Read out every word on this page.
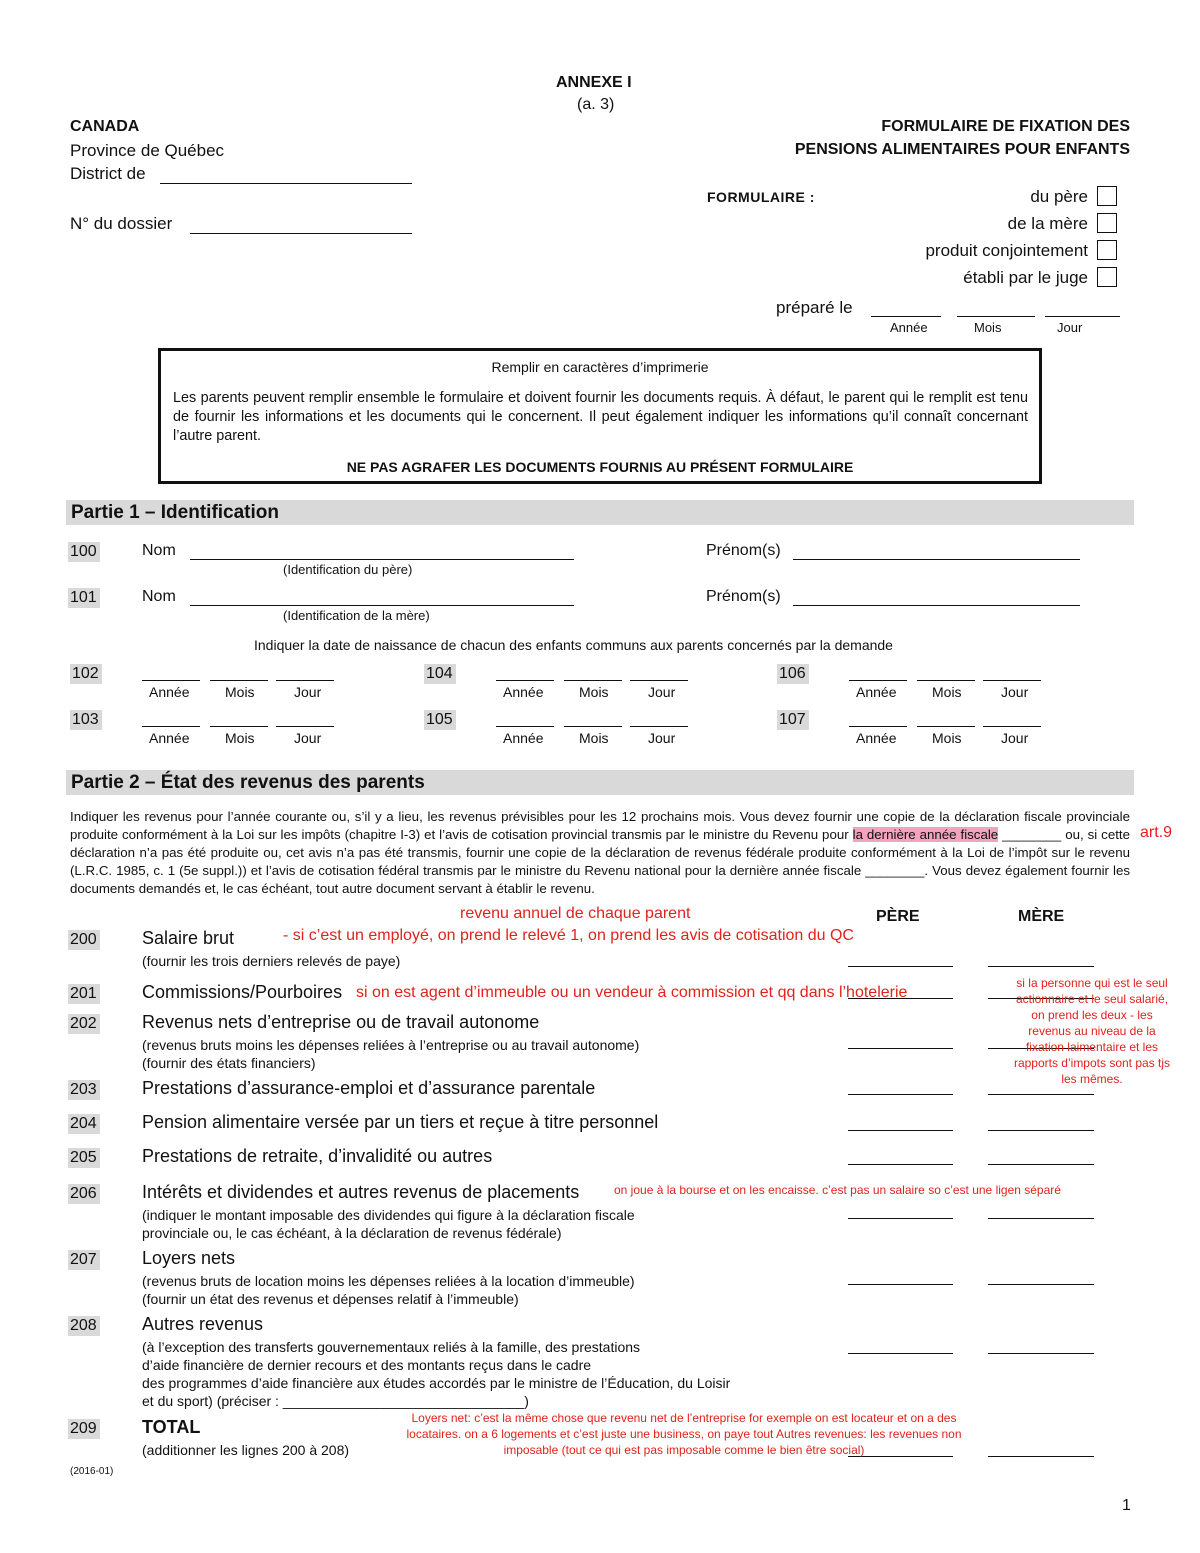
ANNEXE I
(a. 3)
CANADA
Province de Québec
District de
N° du dossier
FORMULAIRE DE FIXATION DES
PENSIONS ALIMENTAIRES POUR ENFANTS
FORMULAIRE :	du père
de la mère
produit conjointement
établi par le juge
préparé le
Année	Mois	Jour
Remplir en caractères d’imprimerie
Les parents peuvent remplir ensemble le formulaire et doivent fournir les documents requis. À défaut, le parent qui le remplit est tenu de fournir les informations et les documents qui le concernent. Il peut également indiquer les informations qu’il connaît concernant l’autre parent.
NE PAS AGRAFER LES DOCUMENTS FOURNIS AU PRÉSENT FORMULAIRE
Partie 1 – Identification
100	Nom
(Identification du père)
Prénom(s)
101	Nom
(Identification de la mère)
Prénom(s)
Indiquer la date de naissance de chacun des enfants communs aux parents concernés par la demande
102
Année	Mois	Jour
104
Année	Mois	Jour
106
Année	Mois	Jour
103
Année	Mois	Jour
105
Année	Mois	Jour
107
Année	Mois	Jour
Partie 2 – État des revenus des parents
Indiquer les revenus pour l’année courante ou, s’il y a lieu, les revenus prévisibles pour les 12 prochains mois. Vous devez fournir une copie de la déclaration fiscale provinciale produite conformément à la Loi sur les impôts (chapitre I-3) et l’avis de cotisation provincial transmis par le ministre du Revenu pour la dernière année fiscale ________ ou, si cette déclaration n’a pas été produite ou, cet avis n’a pas été transmis, fournir une copie de la déclaration de revenus fédérale produite conformément à la Loi de l’impôt sur le revenu (L.R.C. 1985, c. 1 (5e suppl.)) et l’avis de cotisation fédéral transmis par le ministre du Revenu national pour la dernière année fiscale ________. Vous devez également fournir les documents demandés et, le cas échéant, tout autre document servant à établir le revenu.
PÈRE	MÈRE
200	Salaire brut
(fournir les trois derniers relevés de paye)
201	Commissions/Pourboires
202	Revenus nets d’entreprise ou de travail autonome
(revenus bruts moins les dépenses reliées à l’entreprise ou au travail autonome)
(fournir des états financiers)
203	Prestations d’assurance-emploi et d’assurance parentale
204	Pension alimentaire versée par un tiers et reçue à titre personnel
205	Prestations de retraite, d’invalidité ou autres
206	Intérêts et dividendes et autres revenus de placements
(indiquer le montant imposable des dividendes qui figure à la déclaration fiscale
provinciale ou, le cas échéant, à la déclaration de revenus fédérale)
207	Loyers nets
(revenus bruts de location moins les dépenses reliées à la location d’immeuble)
(fournir un état des revenus et dépenses relatif à l’immeuble)
208	Autres revenus
(à l’exception des transferts gouvernementaux reliés à la famille, des prestations
d’aide financière de dernier recours et des montants reçus dans le cadre
des programmes d’aide financière aux études accordés par le ministre de l’Éducation, du Loisir
et du sport) (préciser : _______________________________)
209	TOTAL
(additionner les lignes 200 à 208)
art.9
revenu annuel de chaque parent
- si c’est un employé, on prend le relevé 1, on prend les avis de cotisation du QC
si on est agent d’immeuble ou un vendeur à commission et qq dans l’hotelerie
si la personne qui est le seul actionnaire et le seul salarié, on prend les deux - les revenus au niveau de la fixation laimentaire et les rapports d’impots sont pas tjs les mêmes.
on joue à la bourse et on les encaisse. c’est pas un salaire so c’est une ligen séparé
Loyers net: c’est la même chose que revenu net de l’entreprise for exemple on est locateur et on a des locataires. on a 6 logements et c’est juste une business, on paye tout Autres revenues: les revenues non imposable (tout ce qui est pas imposable comme le bien être social)
(2016-01)
1
